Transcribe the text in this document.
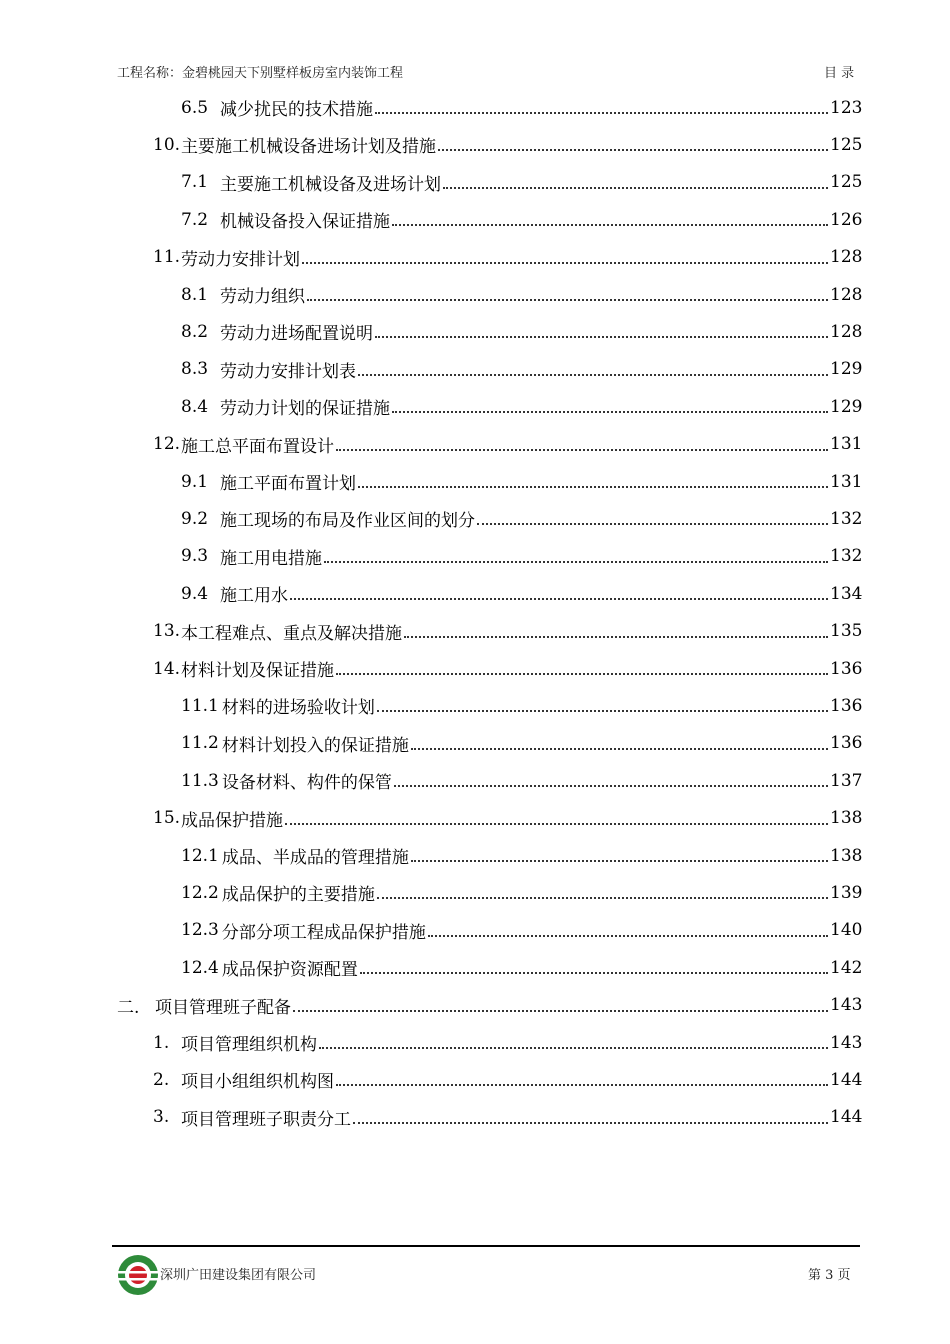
工程名称：金碧桃园天下别墅样板房室内装饰工程	目 录
6.5 减少扰民的技术措施	123
10. 主要施工机械设备进场计划及措施	125
7.1 主要施工机械设备及进场计划	125
7.2 机械设备投入保证措施	126
11. 劳动力安排计划	128
8.1 劳动力组织	128
8.2 劳动力进场配置说明	128
8.3 劳动力安排计划表	129
8.4 劳动力计划的保证措施	129
12. 施工总平面布置设计	131
9.1 施工平面布置计划	131
9.2 施工现场的布局及作业区间的划分	132
9.3 施工用电措施	132
9.4 施工用水	134
13. 本工程难点、重点及解决措施	135
14. 材料计划及保证措施	136
11.1 材料的进场验收计划	136
11.2 材料计划投入的保证措施	136
11.3 设备材料、构件的保管	137
15. 成品保护措施	138
12.1 成品、半成品的管理措施	138
12.2 成品保护的主要措施	139
12.3 分部分项工程成品保护措施	140
12.4 成品保护资源配置	142
二. 项目管理班子配备	143
1. 项目管理组织机构	143
2. 项目小组组织机构图	144
3. 项目管理班子职责分工	144
深圳广田建设集团有限公司	第 3 页
